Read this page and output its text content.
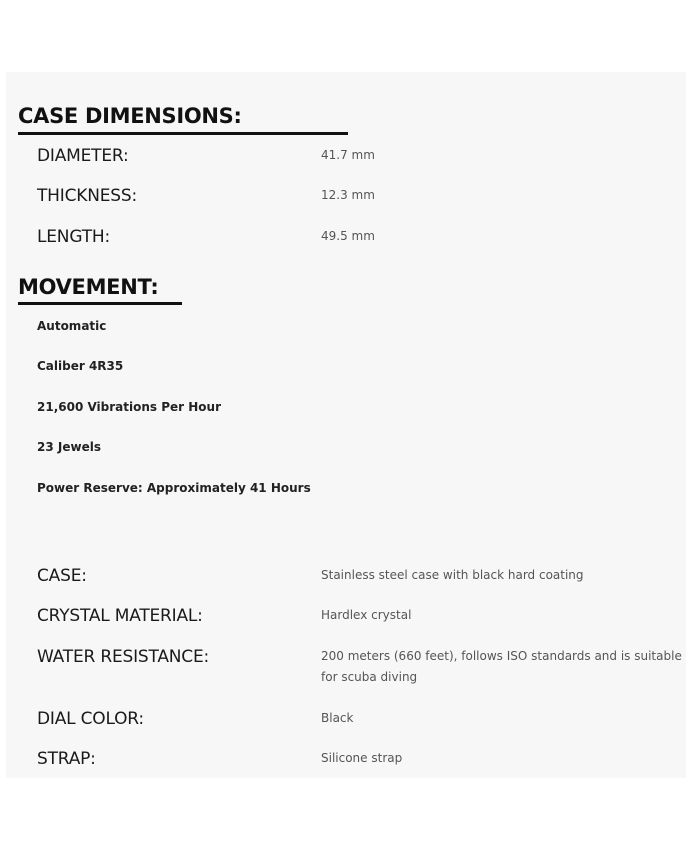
CASE DIMENSIONS:
DIAMETER:	41.7 mm
THICKNESS:	12.3 mm
LENGTH:	49.5 mm
MOVEMENT:
Automatic
Caliber 4R35
21,600 Vibrations Per Hour
23 Jewels
Power Reserve: Approximately 41 Hours
CASE:	Stainless steel case with black hard coating
CRYSTAL MATERIAL:	Hardlex crystal
WATER RESISTANCE:	200 meters (660 feet), follows ISO standards and is suitable for scuba diving
DIAL COLOR:	Black
STRAP:	Silicone strap
